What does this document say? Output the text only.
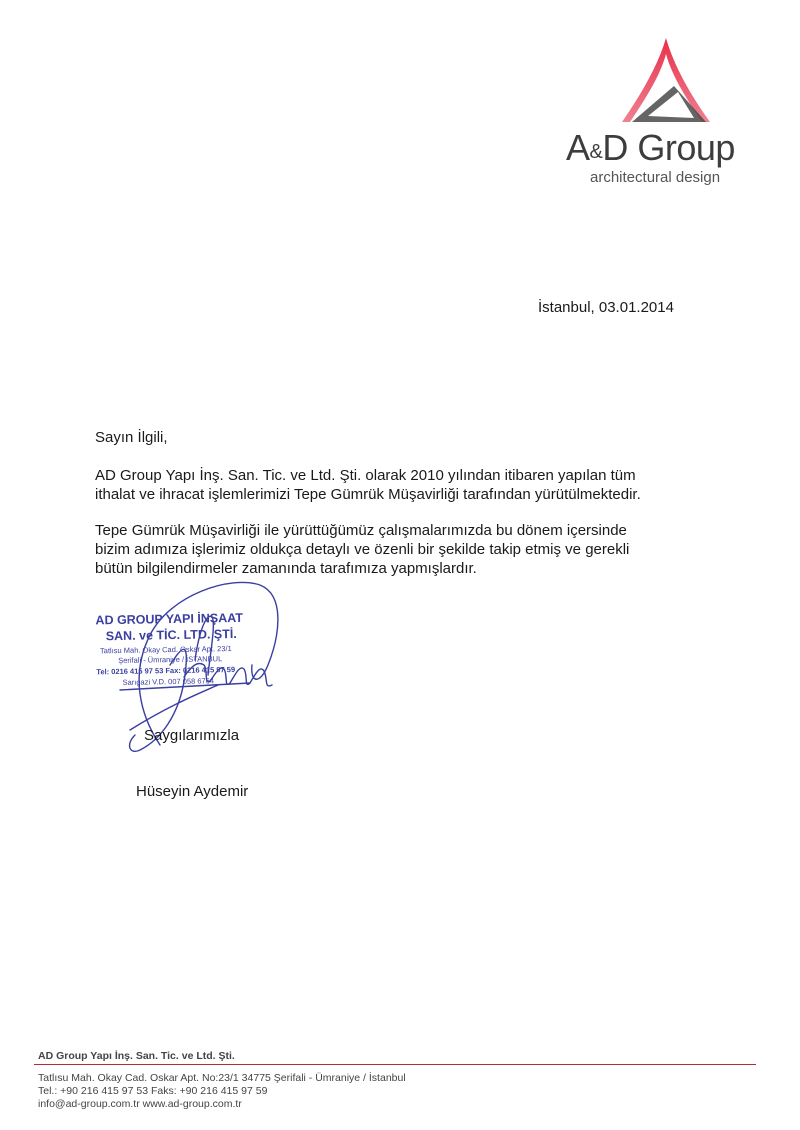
A&D Group
architectural design
İstanbul, 03.01.2014
Sayın İlgili,
AD Group Yapı İnş. San. Tic. ve Ltd. Şti. olarak 2010 yılından itibaren yapılan tüm
ithalat ve ihracat işlemlerimizi Tepe Gümrük Müşavirliği tarafından yürütülmektedir.
Tepe Gümrük Müşavirliği ile yürüttüğümüz çalışmalarımızda bu dönem içersinde
bizim adımıza işlerimiz oldukça detaylı ve özenli bir şekilde takip etmiş ve gerekli
bütün bilgilendirmeler zamanında tarafımıza yapmışlardır.
AD GROUP YAPI İNŞAAT
SAN. ve TİC. LTD. ŞTİ.
Tatlısu Mah. Okay Cad. Oskar Apt. 23/1
Şerifali - Ümraniye / İSTANBUL
Tel: 0216 415 97 53 Fax: 0216 415 97 59
Sarıgazi V.D. 007 058 6764
Saygılarımızla
Hüseyin Aydemir
AD Group Yapı İnş. San. Tic. ve Ltd. Şti.
Tatlısu Mah. Okay Cad. Oskar Apt. No:23/1 34775 Şerifali - Ümraniye / İstanbul
Tel.: +90 216 415 97 53 Faks: +90 216 415 97 59
info@ad-group.com.tr www.ad-group.com.tr
